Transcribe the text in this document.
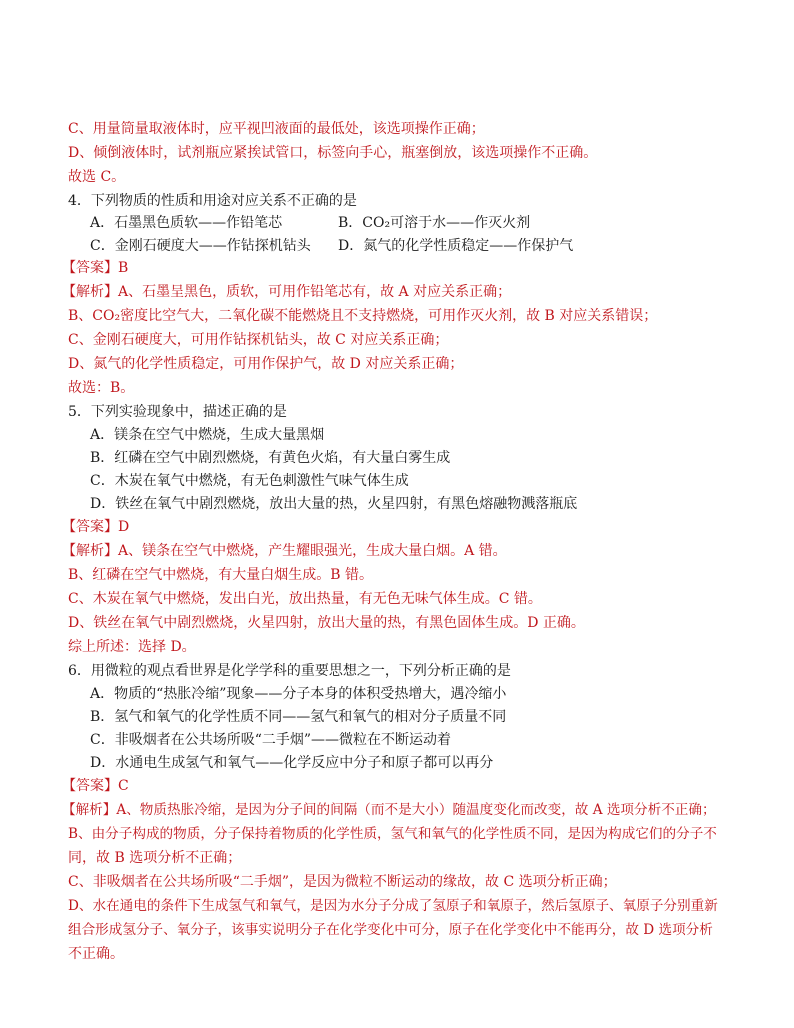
C、用量筒量取液体时，应平视凹液面的最低处，该选项操作正确；
D、倾倒液体时，试剂瓶应紧挨试管口，标签向手心，瓶塞倒放，该选项操作不正确。
故选 C。
4．下列物质的性质和用途对应关系不正确的是
A．石墨黑色质软——作铅笔芯	B．CO₂可溶于水——作灭火剂
C．金刚石硬度大——作钻探机钻头 D．氮气的化学性质稳定——作保护气
【答案】B
【解析】A、石墨呈黑色，质软，可用作铅笔芯有，故 A 对应关系正确；
B、CO₂密度比空气大，二氧化碳不能燃烧且不支持燃烧，可用作灭火剂，故 B 对应关系错误；
C、金刚石硬度大，可用作钻探机钻头，故 C 对应关系正确；
D、氮气的化学性质稳定，可用作保护气，故 D 对应关系正确；
故选：B。
5．下列实验现象中，描述正确的是
A．镁条在空气中燃烧，生成大量黑烟
B．红磷在空气中剧烈燃烧，有黄色火焰，有大量白雾生成
C．木炭在氧气中燃烧，有无色刺激性气味气体生成
D．铁丝在氧气中剧烈燃烧，放出大量的热，火星四射，有黑色熔融物溅落瓶底
【答案】D
【解析】A、镁条在空气中燃烧，产生耀眼强光，生成大量白烟。A 错。
B、红磷在空气中燃烧，有大量白烟生成。B 错。
C、木炭在氧气中燃烧，发出白光，放出热量，有无色无味气体生成。C 错。
D、铁丝在氧气中剧烈燃烧，火星四射，放出大量的热，有黑色固体生成。D 正确。
综上所述：选择 D。
6．用微粒的观点看世界是化学学科的重要思想之一，下列分析正确的是
A．物质的“热胀冷缩”现象——分子本身的体积受热增大，遇冷缩小
B．氢气和氧气的化学性质不同——氢气和氧气的相对分子质量不同
C．非吸烟者在公共场所吸“二手烟”——微粒在不断运动着
D．水通电生成氢气和氧气——化学反应中分子和原子都可以再分
【答案】C
【解析】A、物质热胀冷缩，是因为分子间的间隔（而不是大小）随温度变化而改变，故 A 选项分析不正确；
B、由分子构成的物质，分子保持着物质的化学性质，氢气和氧气的化学性质不同，是因为构成它们的分子不
同，故 B 选项分析不正确；
C、非吸烟者在公共场所吸“二手烟”，是因为微粒不断运动的缘故，故 C 选项分析正确；
D、水在通电的条件下生成氢气和氧气，是因为水分子分成了氢原子和氧原子，然后氢原子、氧原子分别重新
组合形成氢分子、氧分子，该事实说明分子在化学变化中可分，原子在化学变化中不能再分，故 D 选项分析
不正确。
